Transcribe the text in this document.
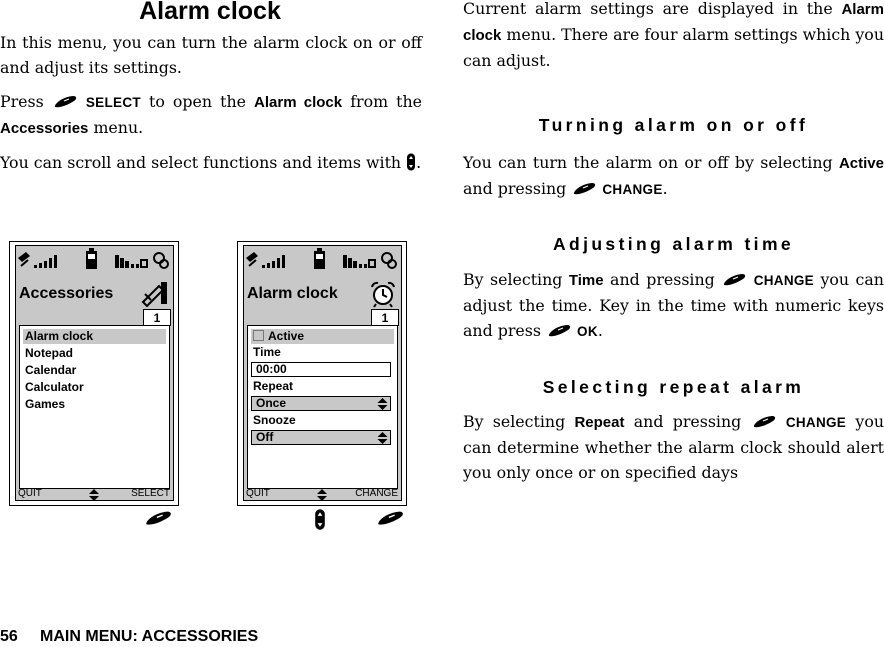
Alarm clock

In this menu, you can turn the alarm clock on or off and adjust its settings.

Press	SELECT to open the Alarm clock from the Accessories menu.

You can scroll and select functions and items with .

Accessories
1
Alarm clock
Notepad
Calendar
Calculator
Games
QUIT	SELECT
Alarm clock
1
Active
Time
00:00
Repeat
Once
Snooze
Off
QUIT	CHANGE

Current alarm settings are displayed in the Alarm clock menu. There are four alarm settings which you can adjust.

Turning alarm on or off

You can turn the alarm on or off by selecting Active and pressing	CHANGE.

Adjusting alarm time

By selecting Time and pressing	CHANGE you can adjust the time. Key in the time with numeric keys and press	OK.

Selecting repeat alarm

By selecting Repeat and pressing	CHANGE you can determine whether the alarm clock should alert you only once or on specified days

56 MAIN MENU: ACCESSORIES
